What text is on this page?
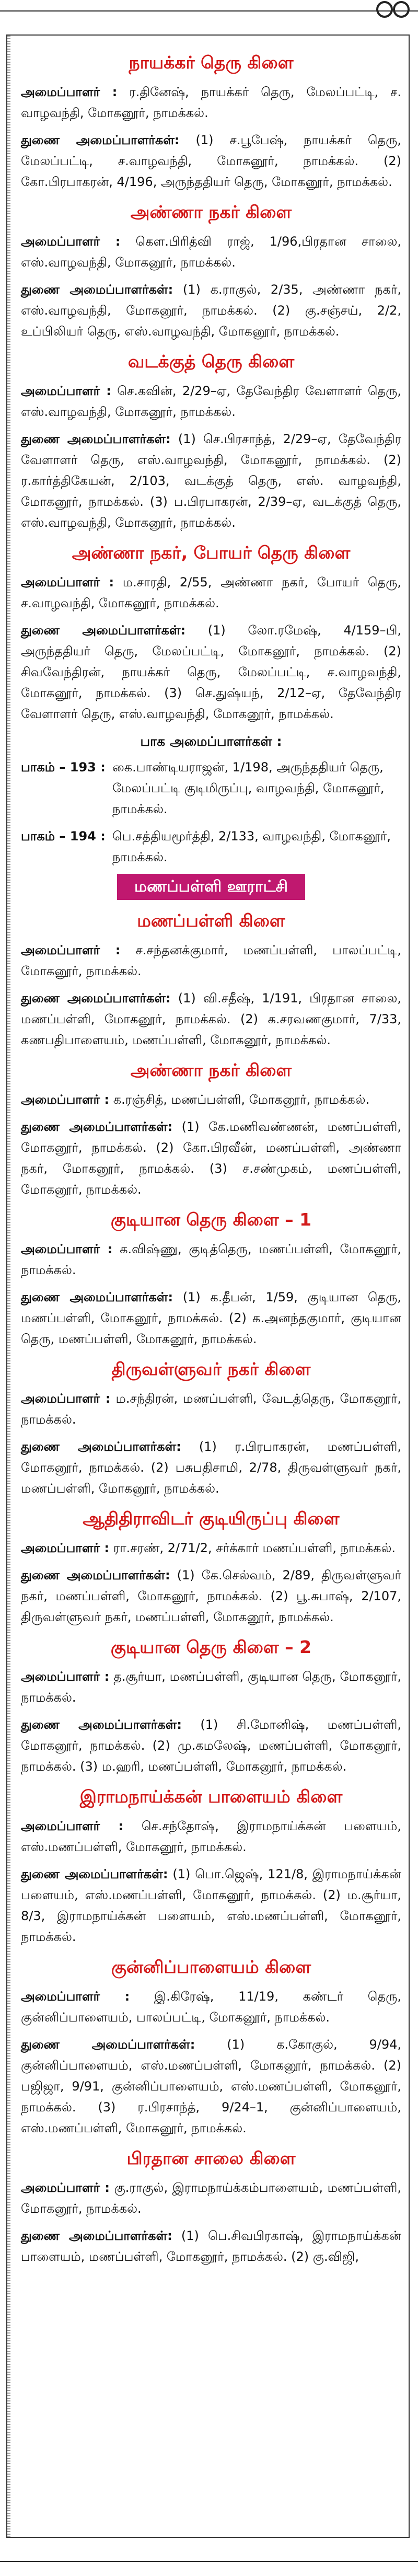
நாயக்கர் தெரு கிளை

அமைப்பாளர் : ர.தினேஷ், நாயக்கர் தெரு, மேலப்பட்டி, ச. வாழவந்தி, மோகனூர், நாமக்கல்.

துணை அமைப்பாளர்கள்: (1) ச.பூபேஷ், நாயக்கர் தெரு, மேலப்பட்டி, ச.வாழவந்தி, மோகனூர், நாமக்கல். (2) கோ.பிரபாகரன், 4/196, அருந்ததியர் தெரு, மோகனூர், நாமக்கல்.

அண்ணா நகர் கிளை

அமைப்பாளர் : கௌ.பிரித்வி ராஜ், 1/96,பிரதான சாலை, எஸ்.வாழவந்தி, மோகனூர், நாமக்கல்.

துணை அமைப்பாளர்கள்: (1) க.ராகுல், 2/35, அண்ணா நகர், எஸ்.வாழவந்தி, மோகனூர், நாமக்கல். (2) கு.சஞ்சய், 2/2, உப்பிலியர் தெரு, எஸ்.வாழவந்தி, மோகனூர், நாமக்கல்.

வடக்குத் தெரு கிளை

அமைப்பாளர் : செ.கவின், 2/29–ஏ, தேவேந்திர வேளாளர் தெரு, எஸ்.வாழவந்தி, மோகனூர், நாமக்கல்.

துணை அமைப்பாளர்கள்: (1) செ.பிரசாந்த், 2/29–ஏ, தேவேந்திர வேளாளர் தெரு, எஸ்.வாழவந்தி, மோகனூர், நாமக்கல். (2) ர.கார்த்திகேயன், 2/103, வடக்குத் தெரு, எஸ். வாழவந்தி, மோகனூர், நாமக்கல். (3) ப.பிரபாகரன், 2/39–ஏ, வடக்குத் தெரு, எஸ்.வாழவந்தி, மோகனூர், நாமக்கல்.

அண்ணா நகர், போயர் தெரு கிளை

அமைப்பாளர் : ம.சாரதி, 2/55, அண்ணா நகர், போயர் தெரு, ச.வாழவந்தி, மோகனூர், நாமக்கல்.

துணை அமைப்பாளர்கள்: (1) லோ.ரமேஷ், 4/159–பி, அருந்ததியர் தெரு, மேலப்பட்டி, மோகனூர், நாமக்கல். (2) சிவவேந்திரன், நாயக்கர் தெரு, மேலப்பட்டி, ச.வாழவந்தி, மோகனூர், நாமக்கல். (3) செ.துஷ்யந், 2/12–ஏ, தேவேந்திர வேளாளர் தெரு, எஸ்.வாழவந்தி, மோகனூர், நாமக்கல்.

பாக அமைப்பாளர்கள் :
பாகம் – 193 : கை.பாண்டியராஜன், 1/198, அருந்ததியர் தெரு, மேலப்பட்டி குடிமிருப்பு, வாழவந்தி, மோகனூர், நாமக்கல்.
பாகம் – 194 : பெ.சத்தியமூர்த்தி, 2/133, வாழவந்தி, மோகனூர், நாமக்கல்.
மணப்பள்ளி ஊராட்சி
மணப்பள்ளி கிளை

அமைப்பாளர் : ச.சந்தனக்குமார், மணப்பள்ளி, பாலப்பட்டி, மோகனூர், நாமக்கல்.

துணை அமைப்பாளர்கள்: (1) வி.சதீஷ், 1/191, பிரதான சாலை, மணப்பள்ளி, மோகனூர், நாமக்கல். (2) க.சரவணகுமார், 7/33, கணபதிபாளையம், மணப்பள்ளி, மோகனூர், நாமக்கல்.

அண்ணா நகர் கிளை

அமைப்பாளர் : க.ரஞ்சித், மணப்பள்ளி, மோகனூர், நாமக்கல்.

துணை அமைப்பாளர்கள்: (1) கே.மணிவண்ணன், மணப்பள்ளி, மோகனூர், நாமக்கல். (2) கோ.பிரவீன், மணப்பள்ளி, அண்ணா நகர், மோகனூர், நாமக்கல். (3) ச.சண்முகம், மணப்பள்ளி, மோகனூர், நாமக்கல்.

குடியான தெரு கிளை – 1

அமைப்பாளர் : க.விஷ்ணு, குடித்தெரு, மணப்பள்ளி, மோகனூர், நாமக்கல்.

துணை அமைப்பாளர்கள்: (1) க.தீபன், 1/59, குடியான தெரு, மணப்பள்ளி, மோகனூர், நாமக்கல். (2) க.அனந்தகுமார், குடியான தெரு, மணப்பள்ளி, மோகனூர், நாமக்கல்.

திருவள்ளுவர் நகர் கிளை

அமைப்பாளர் : ம.சந்திரன், மணப்பள்ளி, வேடத்தெரு, மோகனூர், நாமக்கல்.

துணை அமைப்பாளர்கள்: (1) ர.பிரபாகரன், மணப்பள்ளி, மோகனூர், நாமக்கல். (2) பசுபதிசாமி, 2/78, திருவள்ளுவர் நகர், மணப்பள்ளி, மோகனூர், நாமக்கல்.

ஆதிதிராவிடர் குடியிருப்பு கிளை

அமைப்பாளர் : ரா.சரண், 2/71/2, சர்க்கார் மணப்பள்ளி, நாமக்கல்.

துணை அமைப்பாளர்கள்: (1) கே.செல்வம், 2/89, திருவள்ளுவர் நகர், மணப்பள்ளி, மோகனூர், நாமக்கல். (2) பூ.சுபாஷ், 2/107, திருவள்ளுவர் நகர், மணப்பள்ளி, மோகனூர், நாமக்கல்.

குடியான தெரு கிளை – 2

அமைப்பாளர் : த.சூர்யா, மணப்பள்ளி, குடியான தெரு, மோகனூர், நாமக்கல்.

துணை அமைப்பாளர்கள்: (1) சி.மோனிஷ், மணப்பள்ளி, மோகனூர், நாமக்கல். (2) மு.கமலேஷ், மணப்பள்ளி, மோகனூர், நாமக்கல். (3) ம.ஹரி, மணப்பள்ளி, மோகனூர், நாமக்கல்.

இராமநாய்க்கன் பாளையம் கிளை

அமைப்பாளர் : செ.சந்தோஷ், இராமநாய்க்கன் பளையம், எஸ்.மணப்பள்ளி, மோகனூர், நாமக்கல்.

துணை அமைப்பாளர்கள்: (1) பொ.ஜெஷ், 121/8, இராமநாய்க்கன் பளையம், எஸ்.மணப்பள்ளி, மோகனூர், நாமக்கல். (2) ம.சூர்யா, 8/3, இராமநாய்க்கன் பளையம், எஸ்.மணப்பள்ளி, மோகனூர், நாமக்கல்.

குன்னிப்பாளையம் கிளை

அமைப்பாளர் : இ.கிரேஷ், 11/19, கண்டர் தெரு, குன்னிப்பாளையம், பாலப்பட்டி, மோகனூர், நாமக்கல்.

துணை அமைப்பாளர்கள்: (1) க.கோகுல், 9/94, குன்னிப்பாளையம், எஸ்.மணப்பள்ளி, மோகனூர், நாமக்கல். (2) பஜிஜா, 9/91, குன்னிப்பாளையம், எஸ்.மணப்பள்ளி, மோகனூர், நாமக்கல். (3) ர.பிரசாந்த், 9/24–1, குன்னிப்பாளையம், எஸ்.மணப்பள்ளி, மோகனூர், நாமக்கல்.

பிரதான சாலை கிளை

அமைப்பாளர் : கு.ராகுல், இராமநாய்க்கம்பாளையம், மணப்பள்ளி, மோகனூர், நாமக்கல்.

துணை அமைப்பாளர்கள்: (1) பெ.சிவபிரகாஷ், இராமநாய்க்கன் பாளையம், மணப்பள்ளி, மோகனூர், நாமக்கல். (2) கு.விஜி,
